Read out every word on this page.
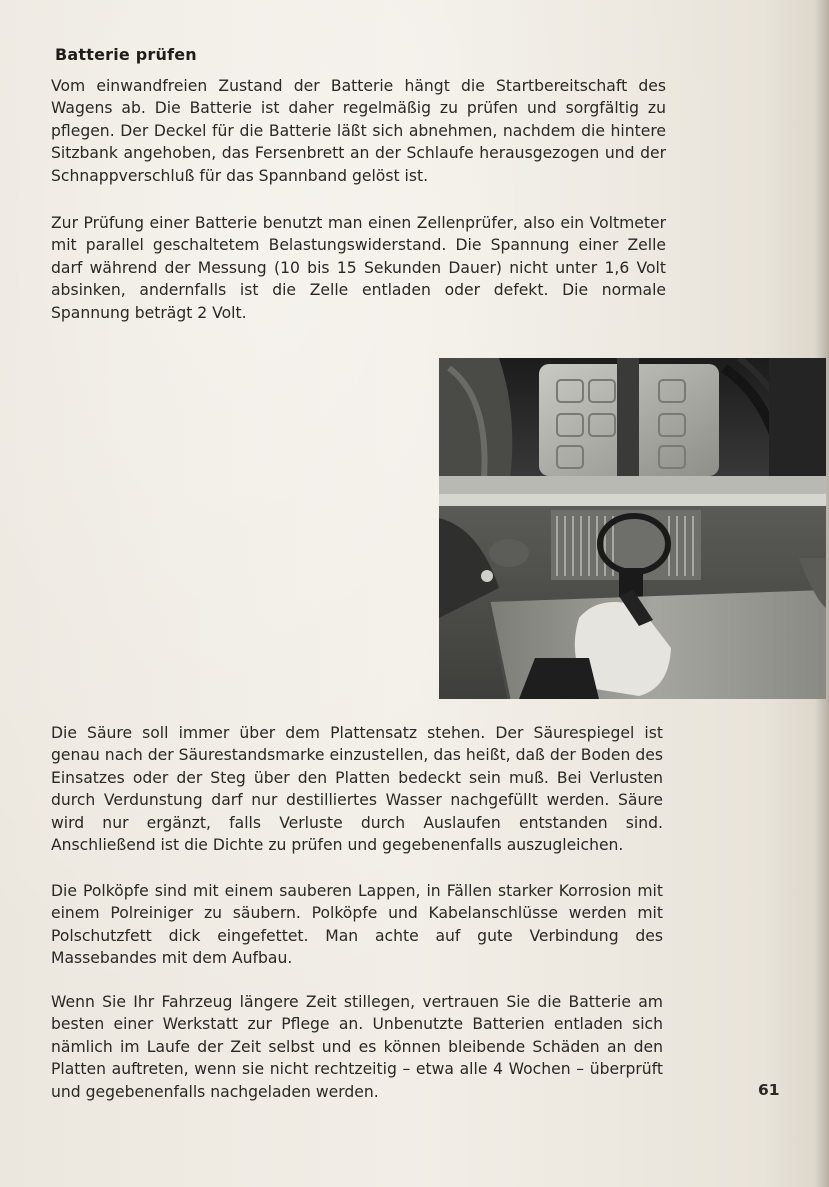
Batterie prüfen

Vom einwandfreien Zustand der Batterie hängt die Startbereitschaft des Wagens ab. Die Batterie ist daher regelmäßig zu prüfen und sorgfältig zu pflegen. Der Deckel für die Batterie läßt sich abnehmen, nachdem die hintere Sitzbank angehoben, das Fersenbrett an der Schlaufe herausgezogen und der Schnappverschluß für das Spannband gelöst ist.

Zur Prüfung einer Batterie benutzt man einen Zellenprüfer, also ein Voltmeter mit parallel geschaltetem Belastungswiderstand. Die Spannung einer Zelle darf während der Messung (10 bis 15 Sekunden Dauer) nicht unter 1,6 Volt absinken, andernfalls ist die Zelle entladen oder defekt. Die normale Spannung beträgt 2 Volt.

Die Säure soll immer über dem Plattensatz stehen. Der Säurespiegel ist genau nach der Säurestandsmarke einzustellen, das heißt, daß der Boden des Einsatzes oder der Steg über den Platten bedeckt sein muß. Bei Verlusten durch Verdunstung darf nur destilliertes Wasser nachgefüllt werden. Säure wird nur ergänzt, falls Verluste durch Auslaufen entstanden sind. Anschließend ist die Dichte zu prüfen und gegebenenfalls auszugleichen.

Die Polköpfe sind mit einem sauberen Lappen, in Fällen starker Korrosion mit einem Polreiniger zu säubern. Polköpfe und Kabelanschlüsse werden mit Polschutzfett dick eingefettet. Man achte auf gute Verbindung des Massebandes mit dem Aufbau.

Wenn Sie Ihr Fahrzeug längere Zeit stillegen, vertrauen Sie die Batterie am besten einer Werkstatt zur Pflege an. Unbenutzte Batterien entladen sich nämlich im Laufe der Zeit selbst und es können bleibende Schäden an den Platten auftreten, wenn sie nicht rechtzeitig – etwa alle 4 Wochen – überprüft und gegebenenfalls nachgeladen werden.	61
